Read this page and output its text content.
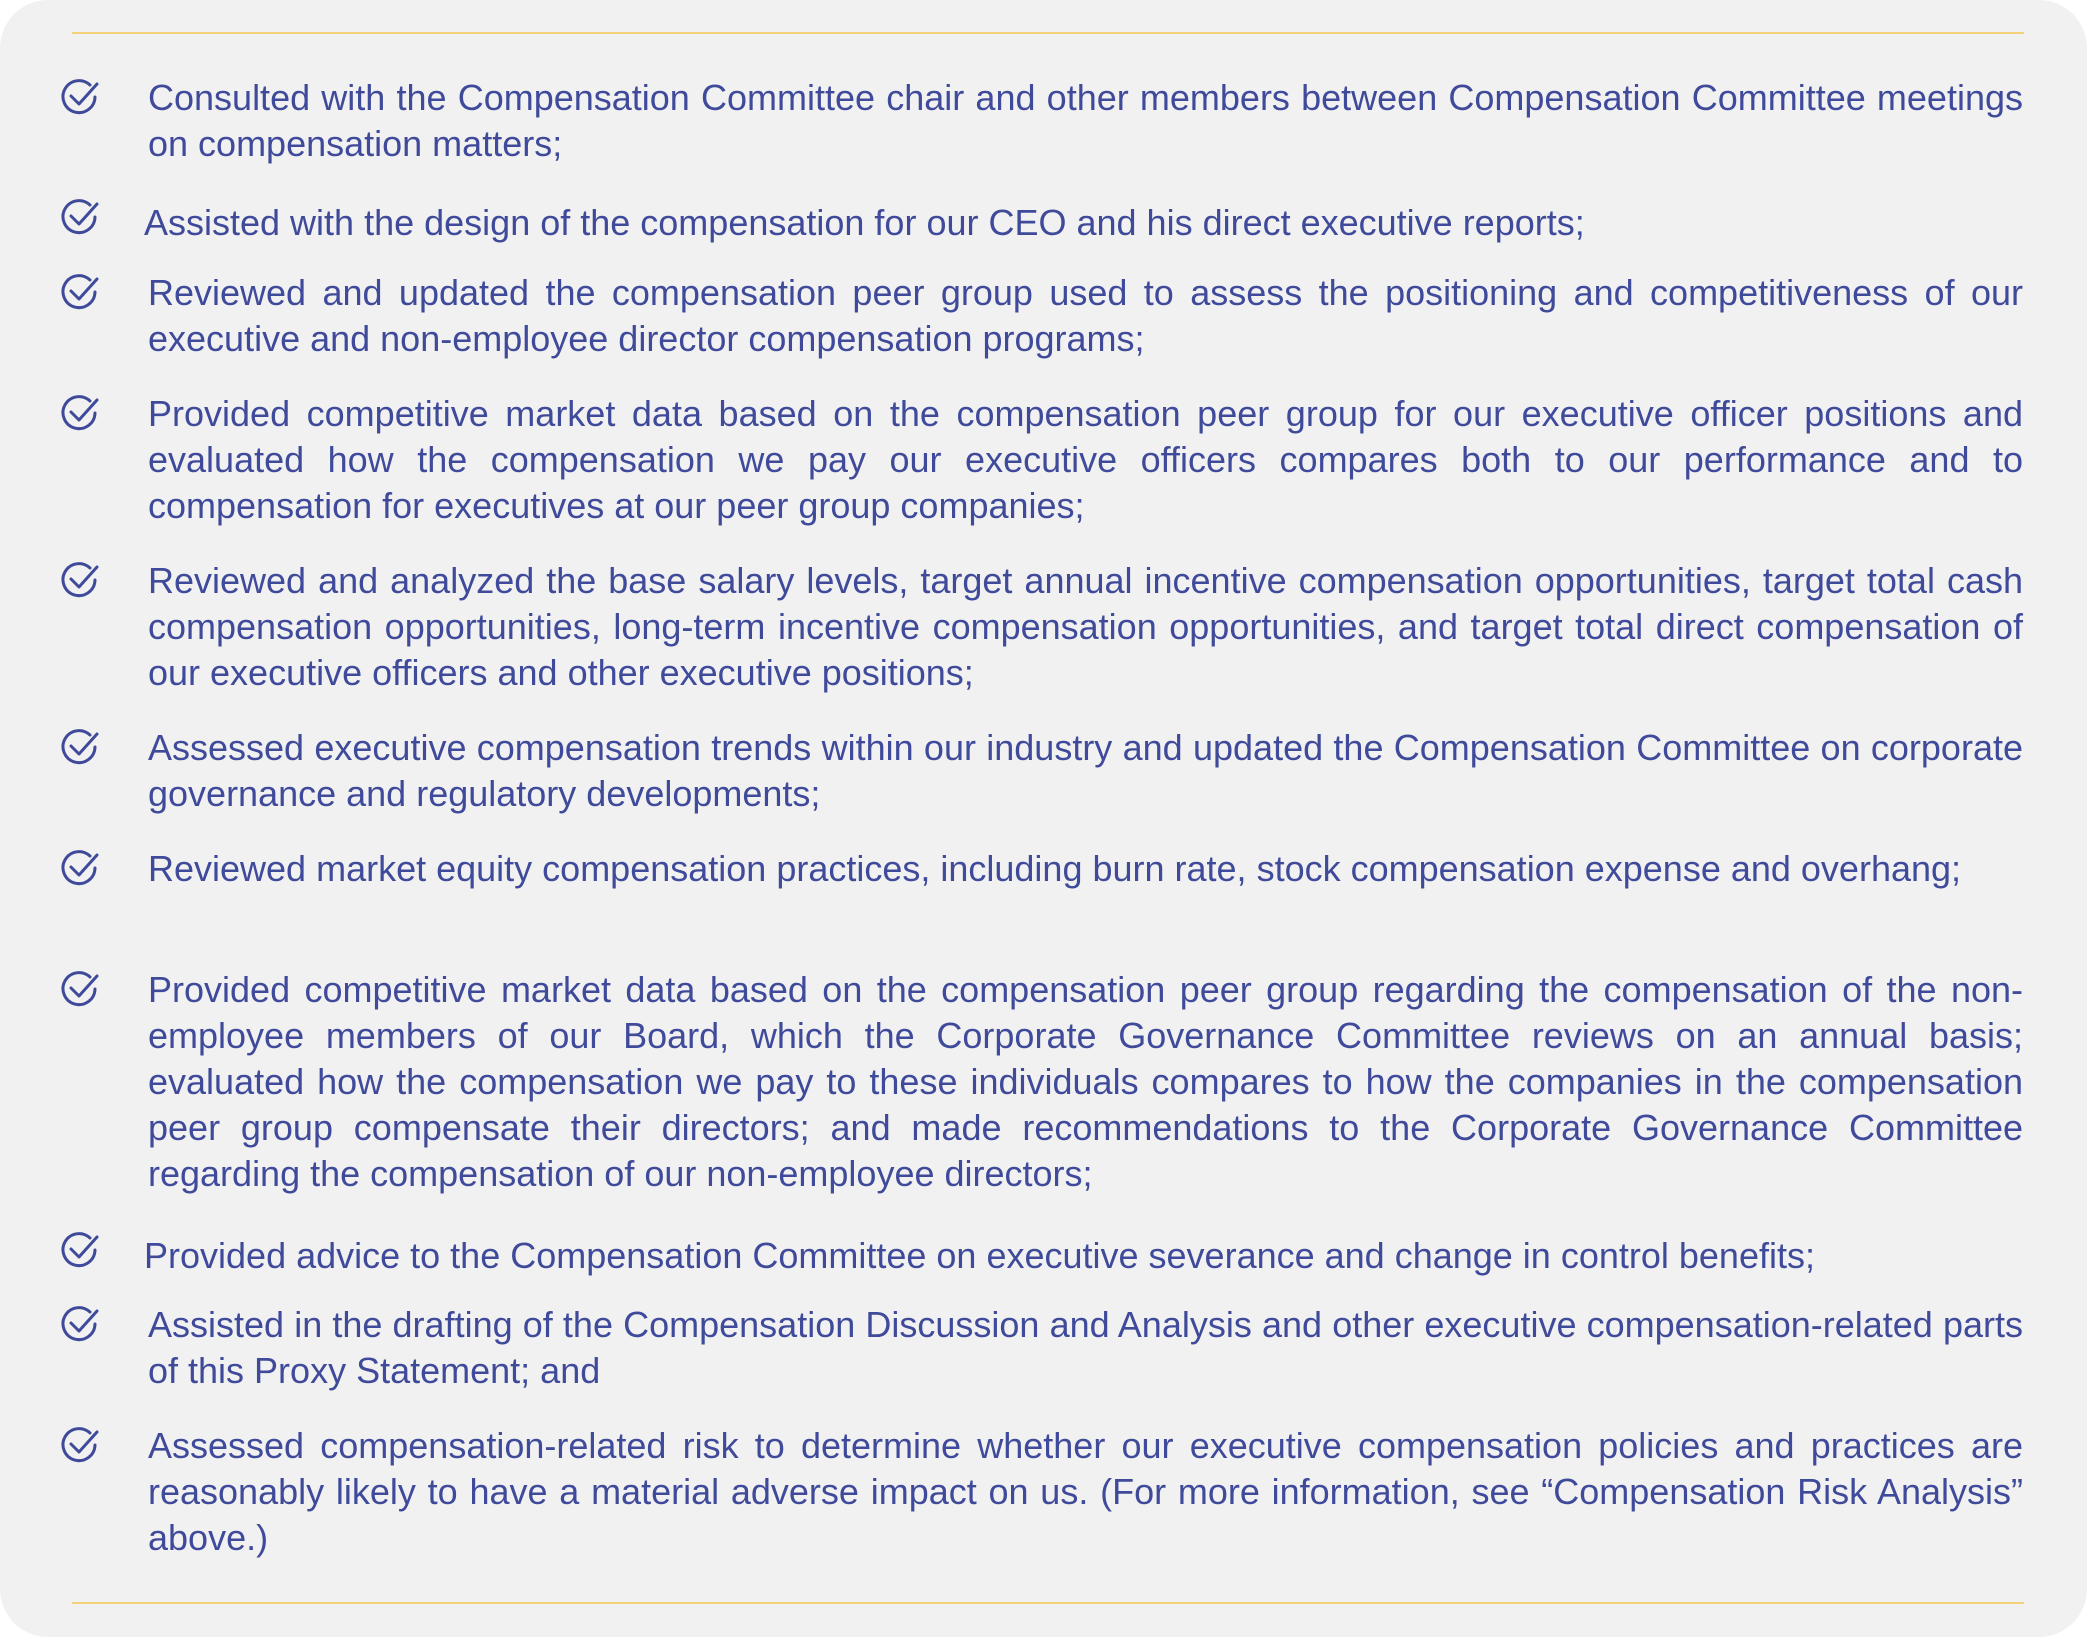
Consulted with the Compensation Committee chair and other members between Compensation Committee meetings on compensation matters;

Assisted with the design of the compensation for our CEO and his direct executive reports;

Reviewed and updated the compensation peer group used to assess the positioning and competitiveness of our executive and non-employee director compensation programs;

Provided competitive market data based on the compensation peer group for our executive officer positions and evaluated how the compensation we pay our executive officers compares both to our performance and to compensation for executives at our peer group companies;

Reviewed and analyzed the base salary levels, target annual incentive compensation opportunities, target total cash compensation opportunities, long-term incentive compensation opportunities, and target total direct compensation of our executive officers and other executive positions;

Assessed executive compensation trends within our industry and updated the Compensation Committee on corporate governance and regulatory developments;

Reviewed market equity compensation practices, including burn rate, stock compensation expense and overhang;

Provided competitive market data based on the compensation peer group regarding the compensation of the non-employee members of our Board, which the Corporate Governance Committee reviews on an annual basis; evaluated how the compensation we pay to these individuals compares to how the companies in the compensation peer group compensate their directors; and made recommendations to the Corporate Governance Committee regarding the compensation of our non-employee directors;

Provided advice to the Compensation Committee on executive severance and change in control benefits;

Assisted in the drafting of the Compensation Discussion and Analysis and other executive compensation-related parts of this Proxy Statement; and

Assessed compensation-related risk to determine whether our executive compensation policies and practices are reasonably likely to have a material adverse impact on us. (For more information, see “Compensation Risk Analysis” above.)
